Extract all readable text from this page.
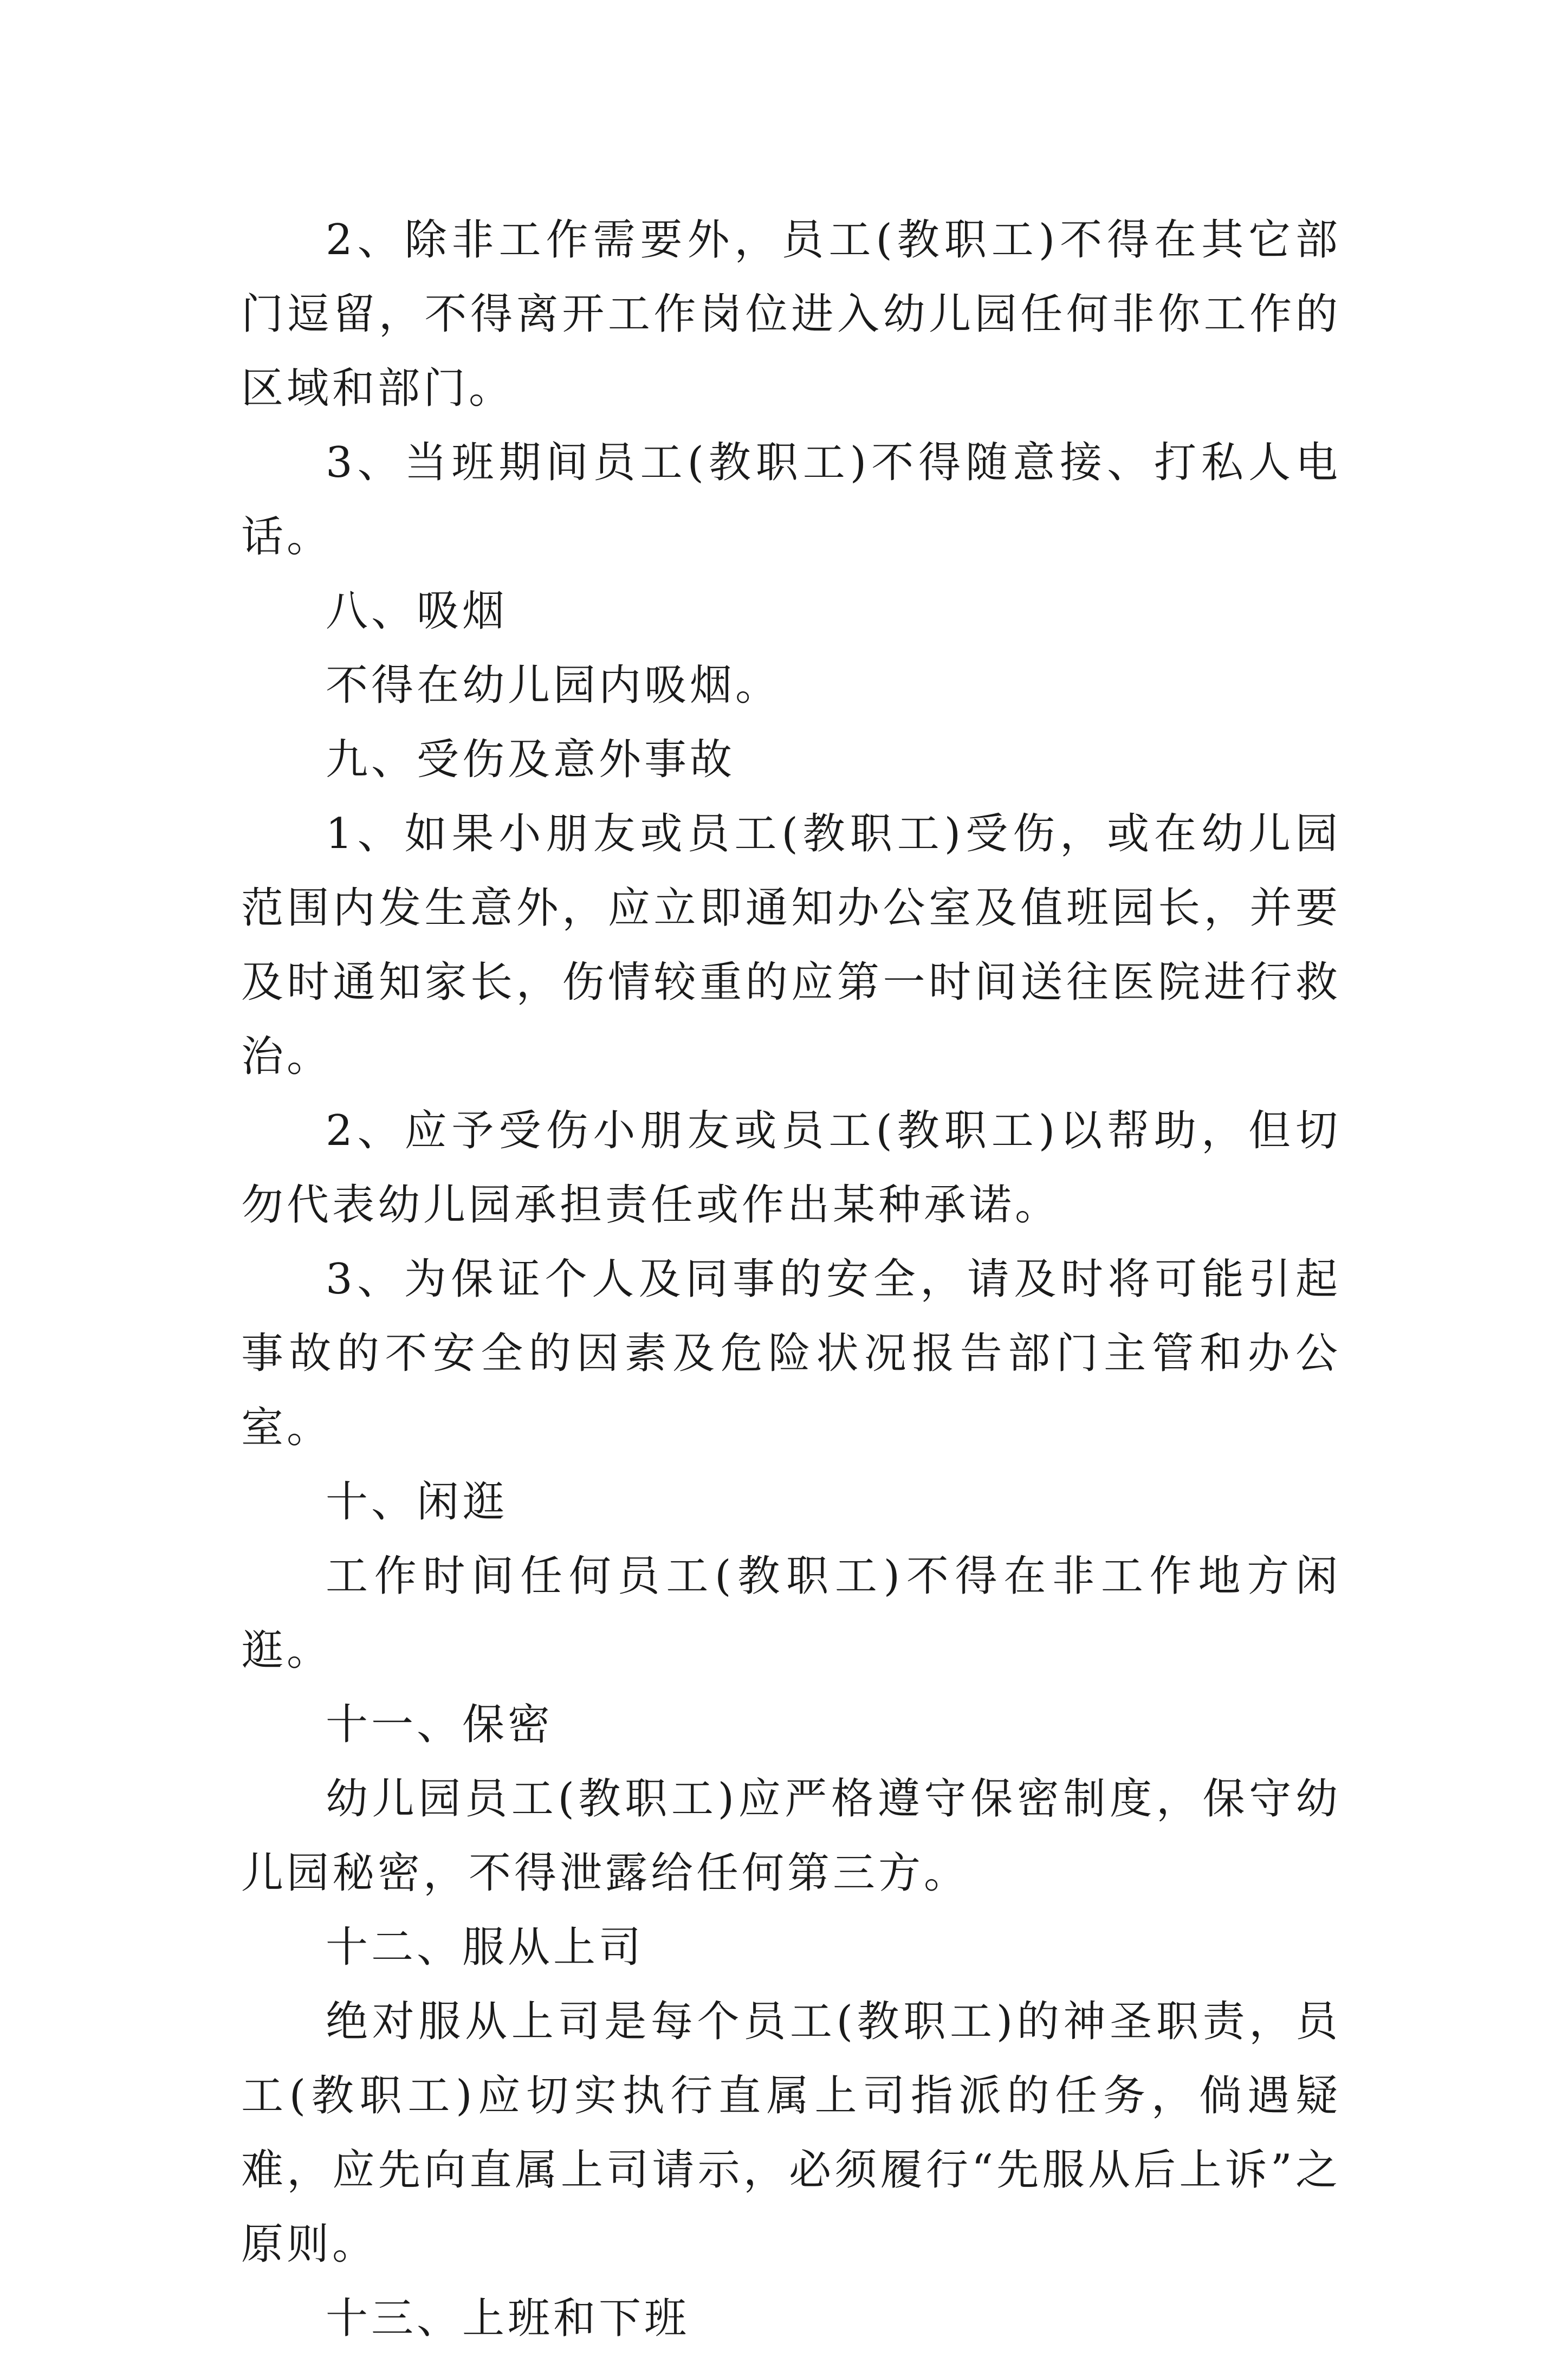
2、除非工作需要外，员工(教职工)不得在其它部门逗留，不得离开工作岗位进入幼儿园任何非你工作的区域和部门。

3、当班期间员工(教职工)不得随意接、打私人电话。

八、吸烟

不得在幼儿园内吸烟。

九、受伤及意外事故

1、如果小朋友或员工(教职工)受伤，或在幼儿园范围内发生意外，应立即通知办公室及值班园长，并要及时通知家长，伤情较重的应第一时间送往医院进行救治。

2、应予受伤小朋友或员工(教职工)以帮助，但切勿代表幼儿园承担责任或作出某种承诺。

3、为保证个人及同事的安全，请及时将可能引起事故的不安全的因素及危险状况报告部门主管和办公室。

十、闲逛

工作时间任何员工(教职工)不得在非工作地方闲逛。

十一、保密

幼儿园员工(教职工)应严格遵守保密制度，保守幼儿园秘密，不得泄露给任何第三方。

十二、服从上司

绝对服从上司是每个员工(教职工)的神圣职责，员工(教职工)应切实执行直属上司指派的任务，倘遇疑难，应先向直属上司请示，必须履行“先服从后上诉”之原则。

十三、上班和下班
